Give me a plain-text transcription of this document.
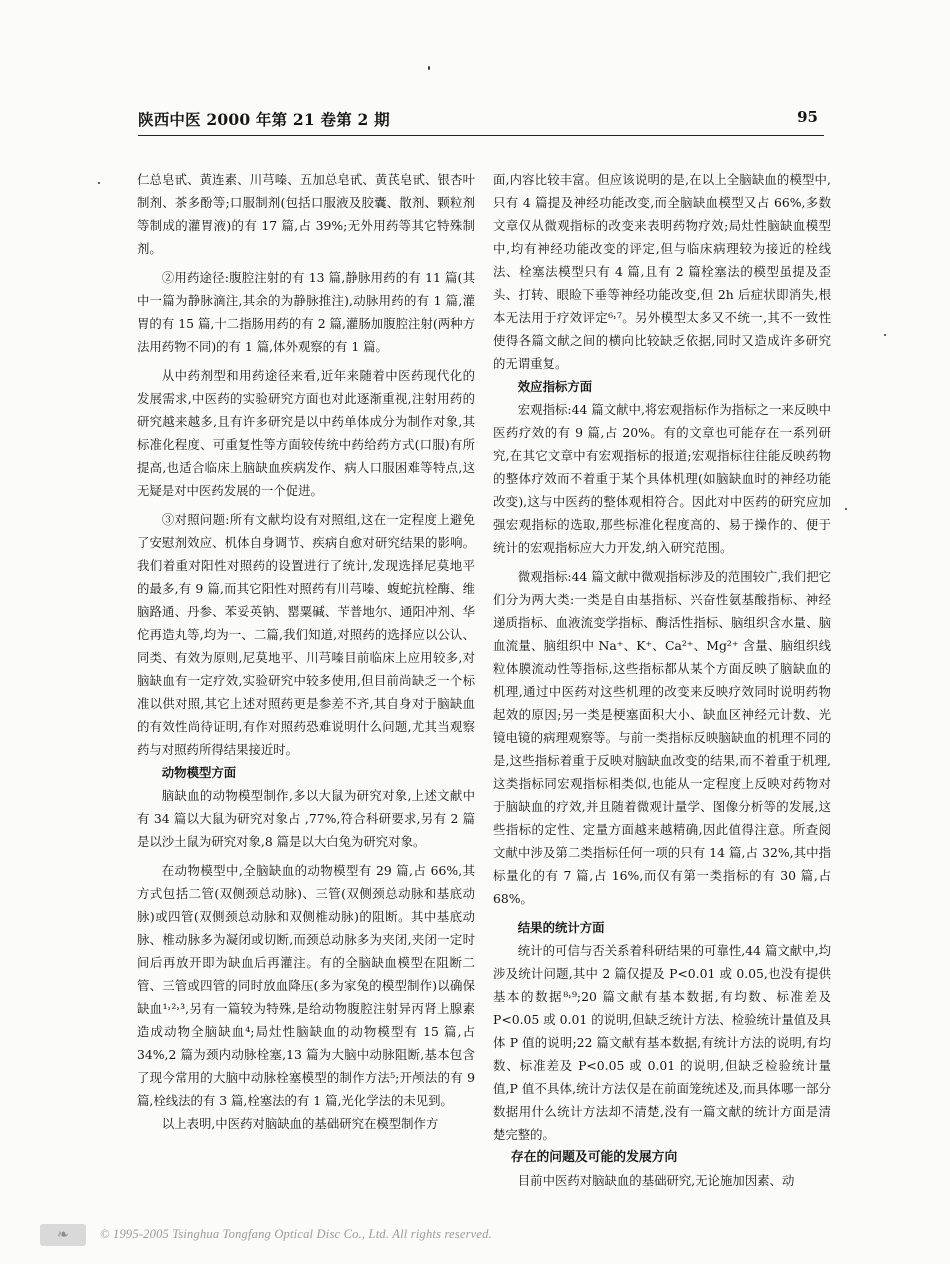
陕西中医 2000 年第 21 卷第 2 期	95

仁总皂甙、黄连素、川芎嗪、五加总皂甙、黄芪皂甙、银杏叶制剂、茶多酚等;口服制剂(包括口服液及胶囊、散剂、颗粒剂等制成的灌胃液)的有 17 篇,占 39%;无外用药等其它特殊制剂。

②用药途径:腹腔注射的有 13 篇,静脉用药的有 11 篇(其中一篇为静脉滴注,其余的为静脉推注),动脉用药的有 1 篇,灌胃的有 15 篇,十二指肠用药的有 2 篇,灌肠加腹腔注射(两种方法用药物不同)的有 1 篇,体外观察的有 1 篇。

从中药剂型和用药途径来看,近年来随着中医药现代化的发展需求,中医药的实验研究方面也对此逐渐重视,注射用药的研究越来越多,且有许多研究是以中药单体成分为制作对象,其标准化程度、可重复性等方面较传统中药给药方式(口服)有所提高,也适合临床上脑缺血疾病发作、病人口服困难等特点,这无疑是对中医药发展的一个促进。

③对照问题:所有文献均设有对照组,这在一定程度上避免了安慰剂效应、机体自身调节、疾病自愈对研究结果的影响。我们着重对阳性对照药的设置进行了统计,发现选择尼莫地平的最多,有 9 篇,而其它阳性对照药有川芎嗪、蝮蛇抗栓酶、维脑路通、丹参、苯妥英钠、罂粟碱、苄普地尔、通阳冲剂、华佗再造丸等,均为一、二篇,我们知道,对照药的选择应以公认、同类、有效为原则,尼莫地平、川芎嗪目前临床上应用较多,对脑缺血有一定疗效,实验研究中较多使用,但目前尚缺乏一个标准以供对照,其它上述对照药更是参差不齐,其自身对于脑缺血的有效性尚待证明,有作对照药恐难说明什么问题,尤其当观察药与对照药所得结果接近时。

动物模型方面

脑缺血的动物模型制作,多以大鼠为研究对象,上述文献中有 34 篇以大鼠为研究对象占 ,77%,符合科研要求,另有 2 篇是以沙土鼠为研究对象,8 篇是以大白兔为研究对象。

在动物模型中,全脑缺血的动物模型有 29 篇,占 66%,其方式包括二管(双侧颈总动脉)、三管(双侧颈总动脉和基底动脉)或四管(双侧颈总动脉和双侧椎动脉)的阻断。其中基底动脉、椎动脉多为凝闭或切断,而颈总动脉多为夹闭,夹闭一定时间后再放开即为缺血后再灌注。有的全脑缺血模型在阻断二管、三管或四管的同时放血降压(多为家兔的模型制作)以确保缺血¹˒²˒³,另有一篇较为特殊,是给动物腹腔注射异丙肾上腺素造成动物全脑缺血⁴;局灶性脑缺血的动物模型有 15 篇,占 34%,2 篇为颈内动脉栓塞,13 篇为大脑中动脉阻断,基本包含了现今常用的大脑中动脉栓塞模型的制作方法⁵;开颅法的有 9 篇,栓线法的有 3 篇,栓塞法的有 1 篇,光化学法的未见到。

以上表明,中医药对脑缺血的基础研究在模型制作方

面,内容比较丰富。但应该说明的是,在以上全脑缺血的模型中,只有 4 篇提及神经功能改变,而全脑缺血模型又占 66%,多数文章仅从微观指标的改变来表明药物疗效;局灶性脑缺血模型中,均有神经功能改变的评定,但与临床病理较为接近的栓线法、栓塞法模型只有 4 篇,且有 2 篇栓塞法的模型虽提及歪头、打转、眼睑下垂等神经功能改变,但 2h 后症状即消失,根本无法用于疗效评定⁶˒⁷。另外模型太多又不统一,其不一致性使得各篇文献之间的横向比较缺乏依据,同时又造成许多研究的无谓重复。

效应指标方面

宏观指标:44 篇文献中,将宏观指标作为指标之一来反映中医药疗效的有 9 篇,占 20%。有的文章也可能存在一系列研究,在其它文章中有宏观指标的报道;宏观指标往往能反映药物的整体疗效而不着重于某个具体机理(如脑缺血时的神经功能改变),这与中医药的整体观相符合。因此对中医药的研究应加强宏观指标的选取,那些标准化程度高的、易于操作的、便于统计的宏观指标应大力开发,纳入研究范围。

微观指标:44 篇文献中微观指标涉及的范围较广,我们把它们分为两大类:一类是自由基指标、兴奋性氨基酸指标、神经递质指标、血液流变学指标、酶活性指标、脑组织含水量、脑血流量、脑组织中 Na⁺、K⁺、Ca²⁺、Mg²⁺ 含量、脑组织线粒体膜流动性等指标,这些指标都从某个方面反映了脑缺血的机理,通过中医药对这些机理的改变来反映疗效同时说明药物起效的原因;另一类是梗塞面积大小、缺血区神经元计数、光镜电镜的病理观察等。与前一类指标反映脑缺血的机理不同的是,这些指标着重于反映对脑缺血改变的结果,而不着重于机理,这类指标同宏观指标相类似,也能从一定程度上反映对药物对于脑缺血的疗效,并且随着微观计量学、图像分析等的发展,这些指标的定性、定量方面越来越精确,因此值得注意。所查阅文献中涉及第二类指标任何一项的只有 14 篇,占 32%,其中指标量化的有 7 篇,占 16%,而仅有第一类指标的有 30 篇,占 68%。

结果的统计方面

统计的可信与否关系着科研结果的可靠性,44 篇文献中,均涉及统计问题,其中 2 篇仅提及 P<0.01 或 0.05,也没有提供基本的数据⁸˒⁹;20 篇文献有基本数据,有均数、标准差及 P<0.05 或 0.01 的说明,但缺乏统计方法、检验统计量值及具体 P 值的说明;22 篇文献有基本数据,有统计方法的说明,有均数、标准差及 P<0.05 或 0.01 的说明,但缺乏检验统计量值,P 值不具体,统计方法仅是在前面笼统述及,而具体哪一部分数据用什么统计方法却不清楚,没有一篇文献的统计方面是清楚完整的。

存在的问题及可能的发展方向

目前中医药对脑缺血的基础研究,无论施加因素、动

❧	© 1995-2005 Tsinghua Tongfang Optical Disc Co., Ltd. All rights reserved.
